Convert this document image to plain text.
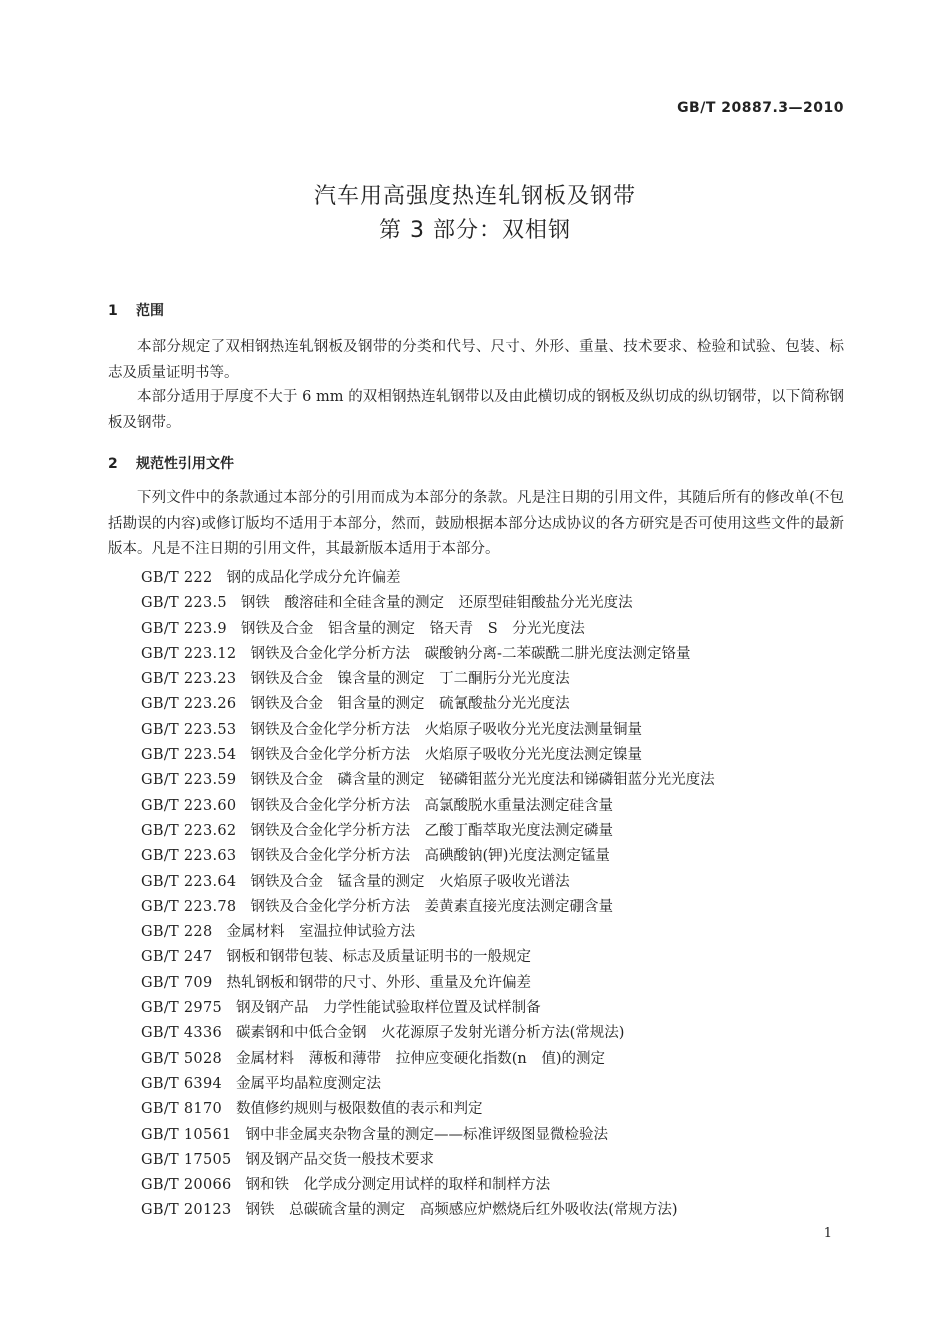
GB/T 20887.3—2010
汽车用高强度热连轧钢板及钢带
第 3 部分：双相钢
1 范围

本部分规定了双相钢热连轧钢板及钢带的分类和代号、尺寸、外形、重量、技术要求、检验和试验、包装、标志及质量证明书等。

本部分适用于厚度不大于 6 mm 的双相钢热连轧钢带以及由此横切成的钢板及纵切成的纵切钢带，以下简称钢板及钢带。

2 规范性引用文件

下列文件中的条款通过本部分的引用而成为本部分的条款。凡是注日期的引用文件，其随后所有的修改单(不包括勘误的内容)或修订版均不适用于本部分，然而，鼓励根据本部分达成协议的各方研究是否可使用这些文件的最新版本。凡是不注日期的引用文件，其最新版本适用于本部分。

GB/T 222 钢的成品化学成分允许偏差
GB/T 223.5 钢铁 酸溶硅和全硅含量的测定 还原型硅钼酸盐分光光度法
GB/T 223.9 钢铁及合金 铝含量的测定 铬天青 S 分光光度法
GB/T 223.12 钢铁及合金化学分析方法 碳酸钠分离-二苯碳酰二肼光度法测定铬量
GB/T 223.23 钢铁及合金 镍含量的测定 丁二酮肟分光光度法
GB/T 223.26 钢铁及合金 钼含量的测定 硫氰酸盐分光光度法
GB/T 223.53 钢铁及合金化学分析方法 火焰原子吸收分光光度法测量铜量
GB/T 223.54 钢铁及合金化学分析方法 火焰原子吸收分光光度法测定镍量
GB/T 223.59 钢铁及合金 磷含量的测定 铋磷钼蓝分光光度法和锑磷钼蓝分光光度法
GB/T 223.60 钢铁及合金化学分析方法 高氯酸脱水重量法测定硅含量
GB/T 223.62 钢铁及合金化学分析方法 乙酸丁酯萃取光度法测定磷量
GB/T 223.63 钢铁及合金化学分析方法 高碘酸钠(钾)光度法测定锰量
GB/T 223.64 钢铁及合金 锰含量的测定 火焰原子吸收光谱法
GB/T 223.78 钢铁及合金化学分析方法 姜黄素直接光度法测定硼含量
GB/T 228 金属材料 室温拉伸试验方法
GB/T 247 钢板和钢带包装、标志及质量证明书的一般规定
GB/T 709 热轧钢板和钢带的尺寸、外形、重量及允许偏差
GB/T 2975 钢及钢产品 力学性能试验取样位置及试样制备
GB/T 4336 碳素钢和中低合金钢 火花源原子发射光谱分析方法(常规法)
GB/T 5028 金属材料 薄板和薄带 拉伸应变硬化指数(n 值)的测定
GB/T 6394 金属平均晶粒度测定法
GB/T 8170 数值修约规则与极限数值的表示和判定
GB/T 10561 钢中非金属夹杂物含量的测定——标准评级图显微检验法
GB/T 17505 钢及钢产品交货一般技术要求
GB/T 20066 钢和铁 化学成分测定用试样的取样和制样方法
GB/T 20123 钢铁 总碳硫含量的测定 高频感应炉燃烧后红外吸收法(常规方法)
1
